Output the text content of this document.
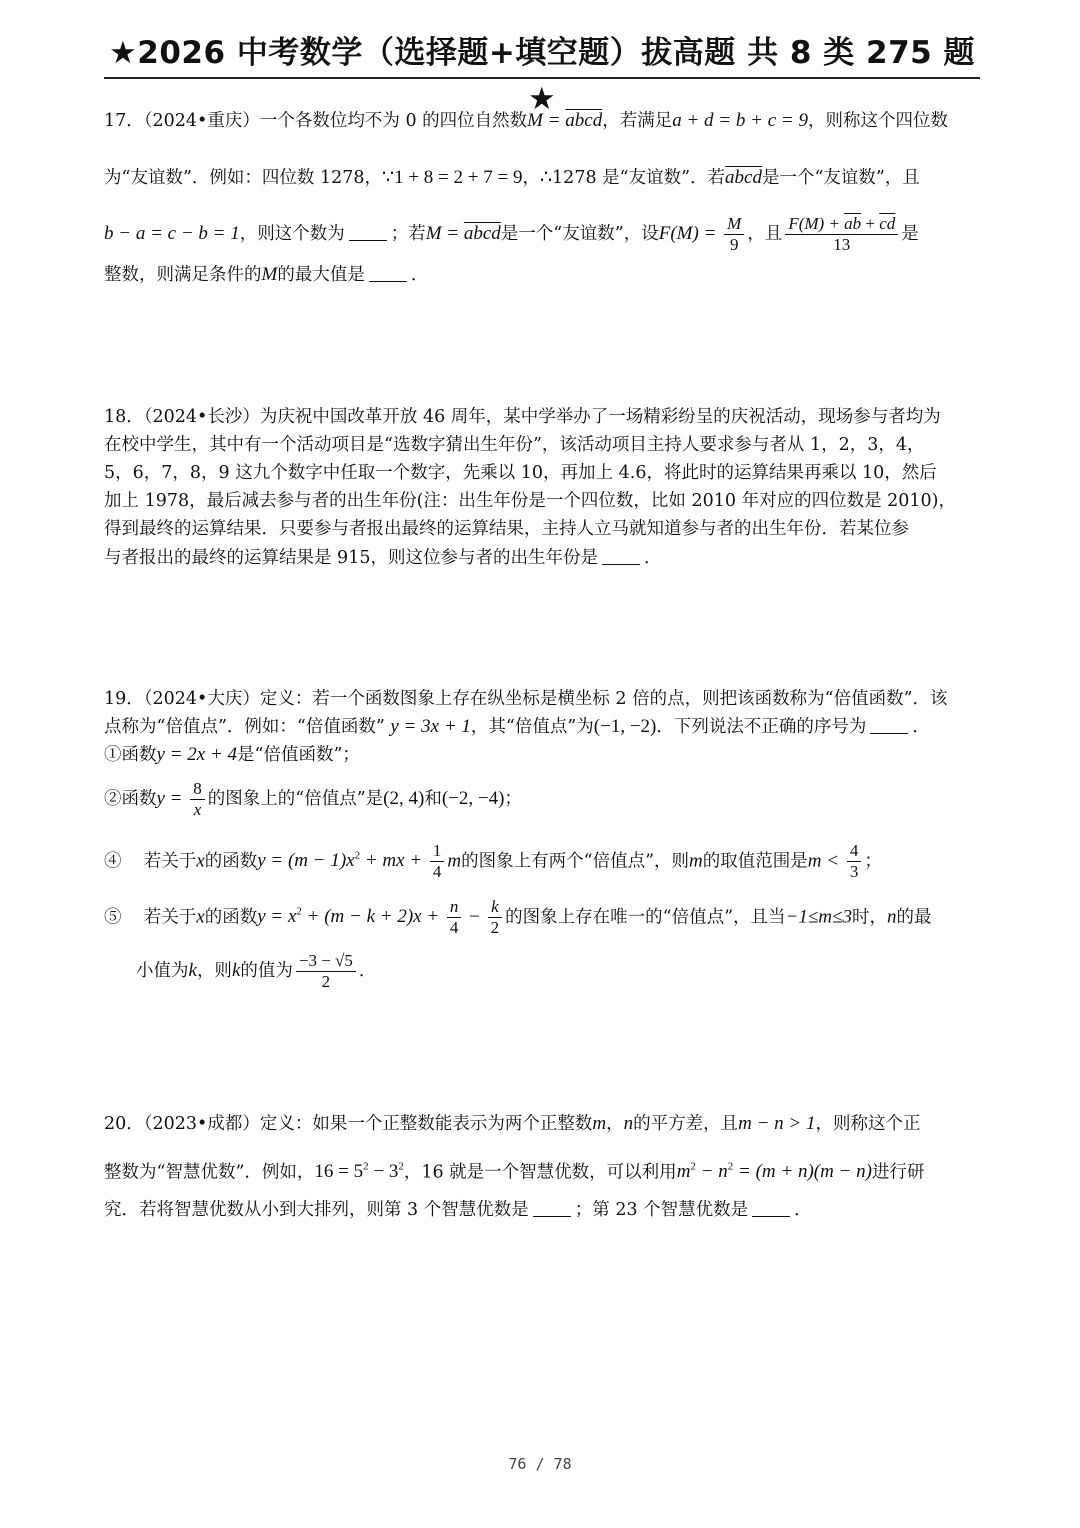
★2026 中考数学（选择题+填空题）拔高题 共 8 类 275 题★
17．（2024•重庆）一个各数位均不为 0 的四位自然数M = abcd，若满足a + d = b + c = 9，则称这个四位数
为“友谊数”．例如：四位数 1278，∵1 + 8 = 2 + 7 = 9，∴1278 是“友谊数”．若abcd是一个“友谊数”，且
b − a = c − b = 1，则这个数为	；若M = abcd是一个“友谊数”，设$F(M) = \frac{M}{9}$ ，且 $\frac{F(M) + \overline{ab} + \overline{cd}}{13}$ 是
整数，则满足条件的M的最大值是	．
18．（2024•长沙）为庆祝中国改革开放 46 周年，某中学举办了一场精彩纷呈的庆祝活动，现场参与者均为
在校中学生，其中有一个活动项目是“选数字猜出生年份”，该活动项目主持人要求参与者从 1，2，3，4，
5，6，7，8，9 这九个数字中任取一个数字，先乘以 10，再加上 4.6，将此时的运算结果再乘以 10，然后
加上 1978，最后减去参与者的出生年份(注：出生年份是一个四位数，比如 2010 年对应的四位数是 2010)，
得到最终的运算结果．只要参与者报出最终的运算结果，主持人立马就知道参与者的出生年份．若某位参
与者报出的最终的运算结果是 915，则这位参与者的出生年份是	．
19．（2024•大庆）定义：若一个函数图象上存在纵坐标是横坐标 2 倍的点，则把该函数称为“倍值函数”．该
点称为“倍值点”．例如：“倍值函数” y = 3x + 1，其“倍值点”为(−1, −2)．下列说法不正确的序号为	．
①函数y = 2x + 4是“倍值函数”；
②函数$y = \frac{8}{x}$ 的图象上的“倍值点”是(2, 4)和(−2, −4)；
④ 若关于x的函数$y = (m - 1)x^2$ + mx + $\frac{1}{4}$ m的图象上有两个“倍值点”，则m的取值范围是$m < \frac{4}{3}$ ；
⑤ 若关于x的函数$y = x^2 + (m - k + 2)x + \frac{n}{4} - \frac{k}{2}$ 的图象上存在唯一的“倍值点”，且当−1≤m≤3时，n的最
小值为k，则k的值为 $\frac{-3 - √5}{2}$ ．
20．（2023•成都）定义：如果一个正整数能表示为两个正整数m，n的平方差，且m − n > 1，则称这个正
整数为“智慧优数”．例如，$16 = 5^2 - 3^2$，16 就是一个智慧优数，可以利用$m^2 - n^2 = (m + n)(m - n)$进行研
究．若将智慧优数从小到大排列，则第 3 个智慧优数是	；第 23 个智慧优数是	．
76 / 78
